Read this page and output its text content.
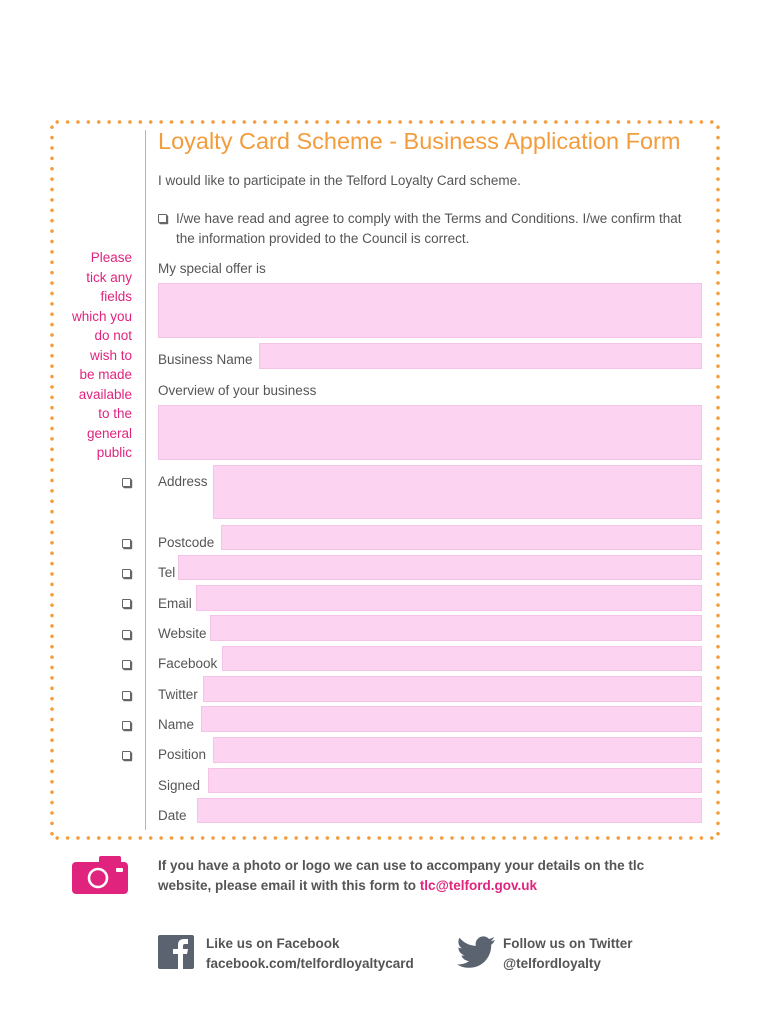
Loyalty Card Scheme - Business Application Form
I would like to participate in the Telford Loyalty Card scheme.
I/we have read and agree to comply with the Terms and Conditions. I/we confirm that
the information provided to the Council is correct.
Please
tick any
fields
which you
do not
wish to
be made
available
to the
general
public
My special offer is
Business Name
Overview of your business
Address
Postcode
Tel
Email
Website
Facebook
Twitter
Name
Position
Signed
Date
If you have a photo or logo we can use to accompany your details on the tlc
website, please email it with this form to tlc@telford.gov.uk
Like us on Facebook
facebook.com/telfordloyaltycard
Follow us on Twitter
@telfordloyalty
